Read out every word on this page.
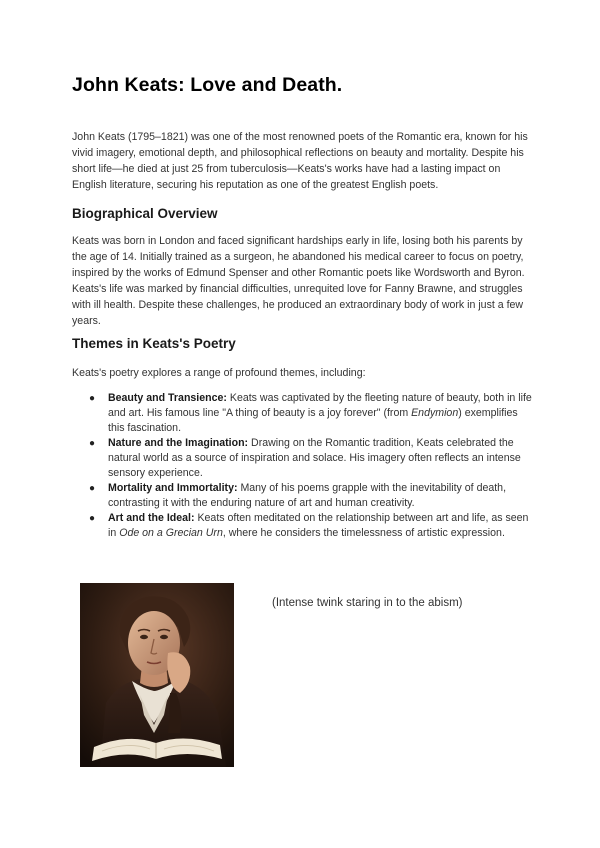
John Keats: Love and Death.

John Keats (1795–1821) was one of the most renowned poets of the Romantic era, known for his vivid imagery, emotional depth, and philosophical reflections on beauty and mortality. Despite his short life—he died at just 25 from tuberculosis—Keats's works have had a lasting impact on English literature, securing his reputation as one of the greatest English poets.

Biographical Overview

Keats was born in London and faced significant hardships early in life, losing both his parents by the age of 14. Initially trained as a surgeon, he abandoned his medical career to focus on poetry, inspired by the works of Edmund Spenser and other Romantic poets like Wordsworth and Byron. Keats's life was marked by financial difficulties, unrequited love for Fanny Brawne, and struggles with ill health. Despite these challenges, he produced an extraordinary body of work in just a few years.

Themes in Keats's Poetry

Keats's poetry explores a range of profound themes, including:

● Beauty and Transience: Keats was captivated by the fleeting nature of beauty, both in life and art. His famous line "A thing of beauty is a joy forever" (from Endymion) exemplifies this fascination.
● Nature and the Imagination: Drawing on the Romantic tradition, Keats celebrated the natural world as a source of inspiration and solace. His imagery often reflects an intense sensory experience.
● Mortality and Immortality: Many of his poems grapple with the inevitability of death, contrasting it with the enduring nature of art and human creativity.
● Art and the Ideal: Keats often meditated on the relationship between art and life, as seen in Ode on a Grecian Urn, where he considers the timelessness of artistic expression.
(Intense twink staring in to the abism)
